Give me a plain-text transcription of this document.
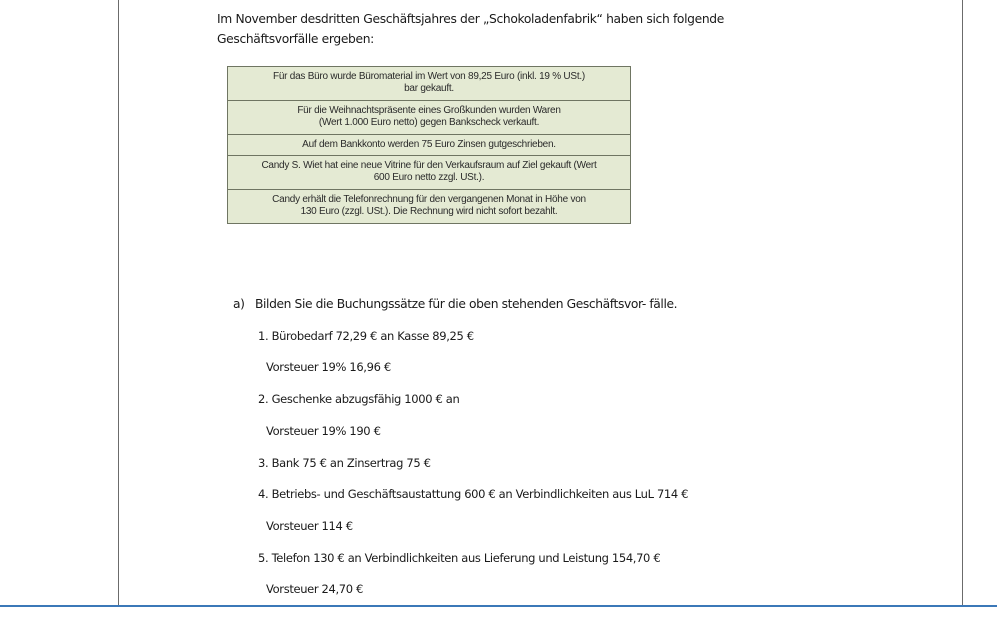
Im November desdritten Geschäftsjahres der „Schokoladenfabrik“ haben sich folgende
Geschäftsvorfälle ergeben:
Für das Büro wurde Büromaterial im Wert von 89,25 Euro (inkl. 19 % USt.)
bar gekauft.
Für die Weihnachtspräsente eines Großkunden wurden Waren
(Wert 1.000 Euro netto) gegen Bankscheck verkauft.
Auf dem Bankkonto werden 75 Euro Zinsen gutgeschrieben.
Candy S. Wiet hat eine neue Vitrine für den Verkaufsraum auf Ziel gekauft (Wert
600 Euro netto zzgl. USt.).
Candy erhält die Telefonrechnung für den vergangenen Monat in Höhe von
130 Euro (zzgl. USt.). Die Rechnung wird nicht sofort bezahlt.
a) Bilden Sie die Buchungssätze für die oben stehenden Geschäftsvor- fälle.
1. Bürobedarf 72,29 € an Kasse 89,25 €
Vorsteuer 19% 16,96 €
2. Geschenke abzugsfähig 1000 € an
Vorsteuer 19% 190 €
3. Bank 75 € an Zinsertrag 75 €
4. Betriebs- und Geschäftsaustattung 600 € an Verbindlichkeiten aus LuL 714 €
Vorsteuer 114 €
5. Telefon 130 € an Verbindlichkeiten aus Lieferung und Leistung 154,70 €
Vorsteuer 24,70 €
